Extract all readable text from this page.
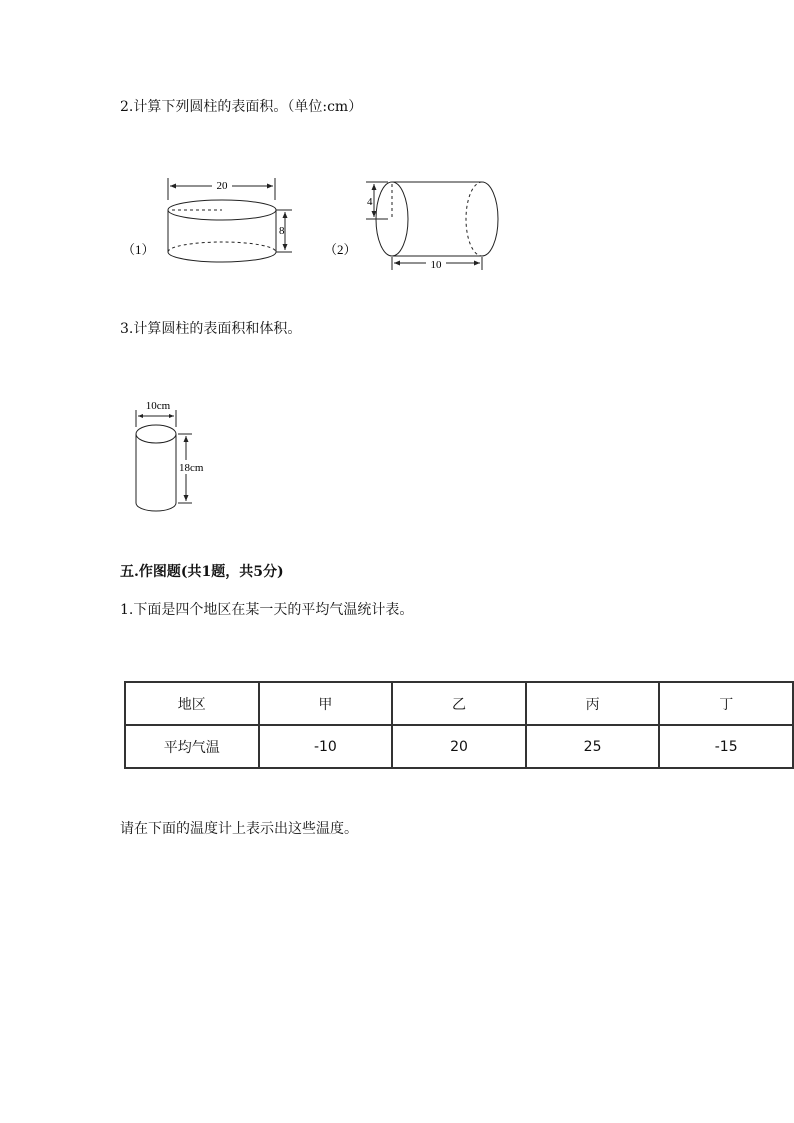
2.计算下列圆柱的表面积。（单位:cm）
（1）
20
8
（2）
4
10
3.计算圆柱的表面积和体积。
10cm
18cm
五.作图题(共1题，共5分)
1.下面是四个地区在某一天的平均气温统计表。
地区	甲	乙	丙	丁
平均气温	-10	20	25	-15
请在下面的温度计上表示出这些温度。
